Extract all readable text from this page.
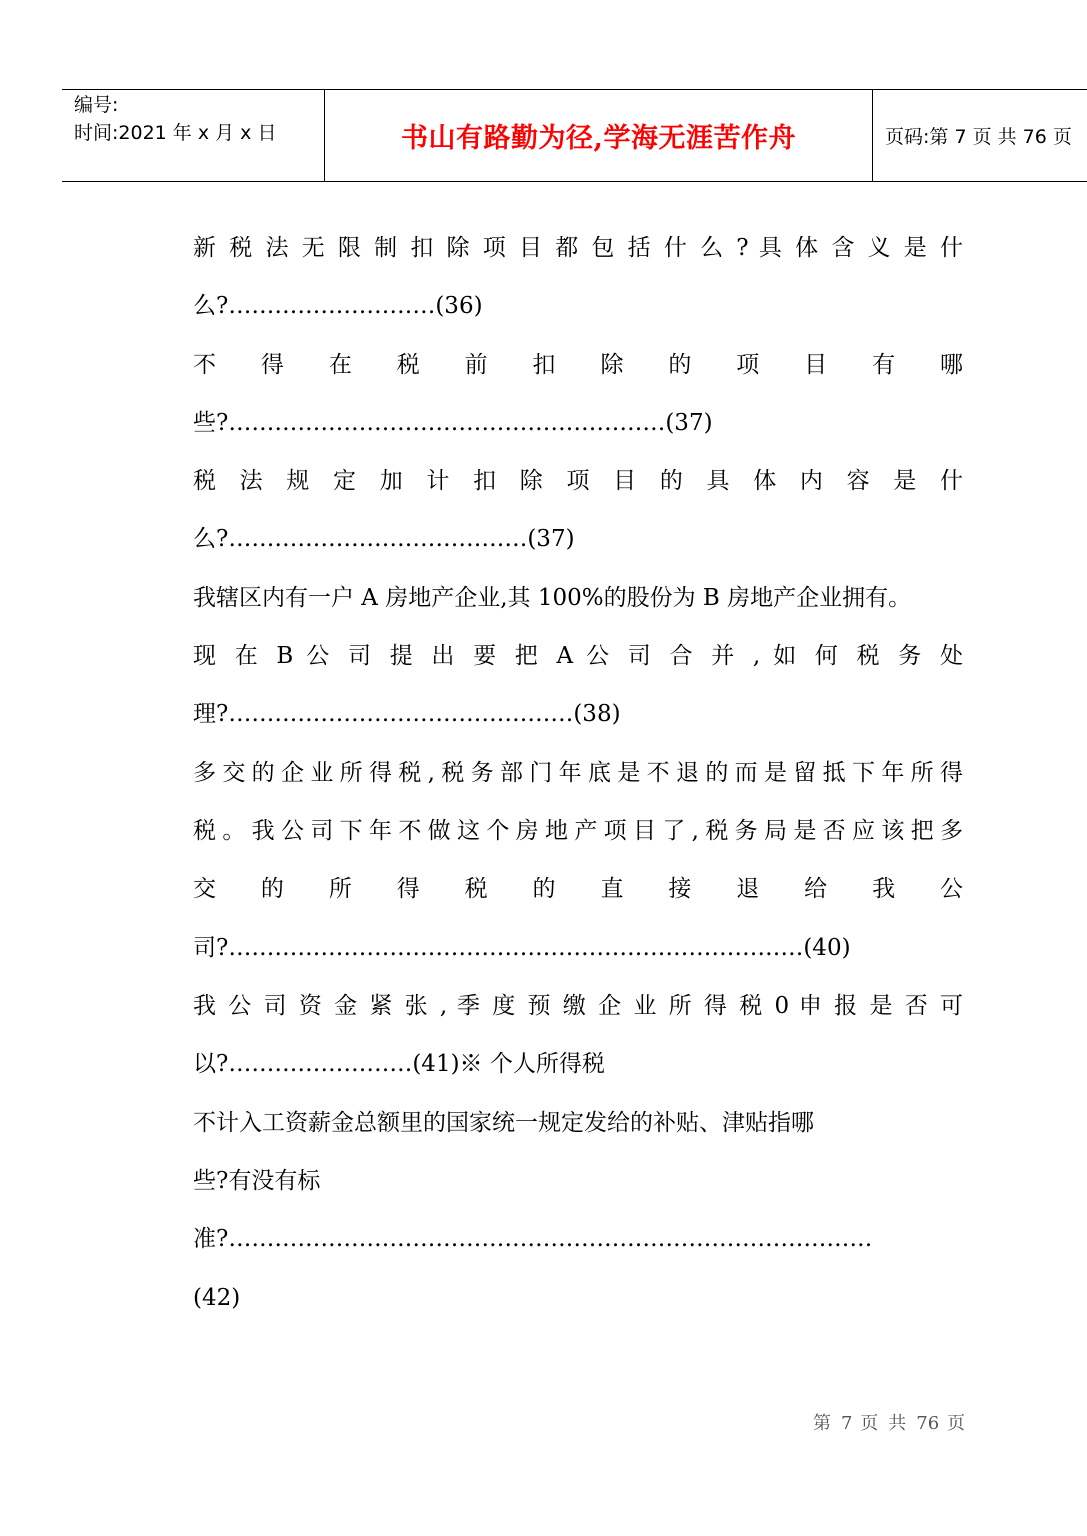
编号:
时间:2021 年 x 月 x 日	书山有路勤为径,学海无涯苦作舟	页码:第 7 页 共 76 页
新 税 法 无 限 制 扣 除 项 目 都 包 括 什 么 ? 具 体 含 义 是 什
么?………………………(36)
不 得 在 税 前 扣 除 的 项 目 有 哪
些?…………………………………………………(37)
税 法 规 定 加 计 扣 除 项 目 的 具 体 内 容 是 什
么?…………………………………(37)
我辖区内有一户 A 房地产企业,其 100%的股份为 B 房地产企业拥有。
现 在 B 公 司 提 出 要 把 A 公 司 合 并 , 如 何 税 务 处
理?………………………………………(38)
多交的企业所得税,税务部门年底是不退的而是留抵下年所得
税。我公司下年不做这个房地产项目了,税务局是否应该把多
交 的 所 得 税 的 直 接 退 给 我 公
司?…………………………………………………………………(40)
我 公 司 资 金 紧 张 , 季 度 预 缴 企 业 所 得 税 0 申 报 是 否 可
以?……………………(41)※ 个人所得税
不计入工资薪金总额里的国家统一规定发给的补贴、津贴指哪
些?有没有标
准?…………………………………………………………………………
(42)
第 7 页 共 76 页
